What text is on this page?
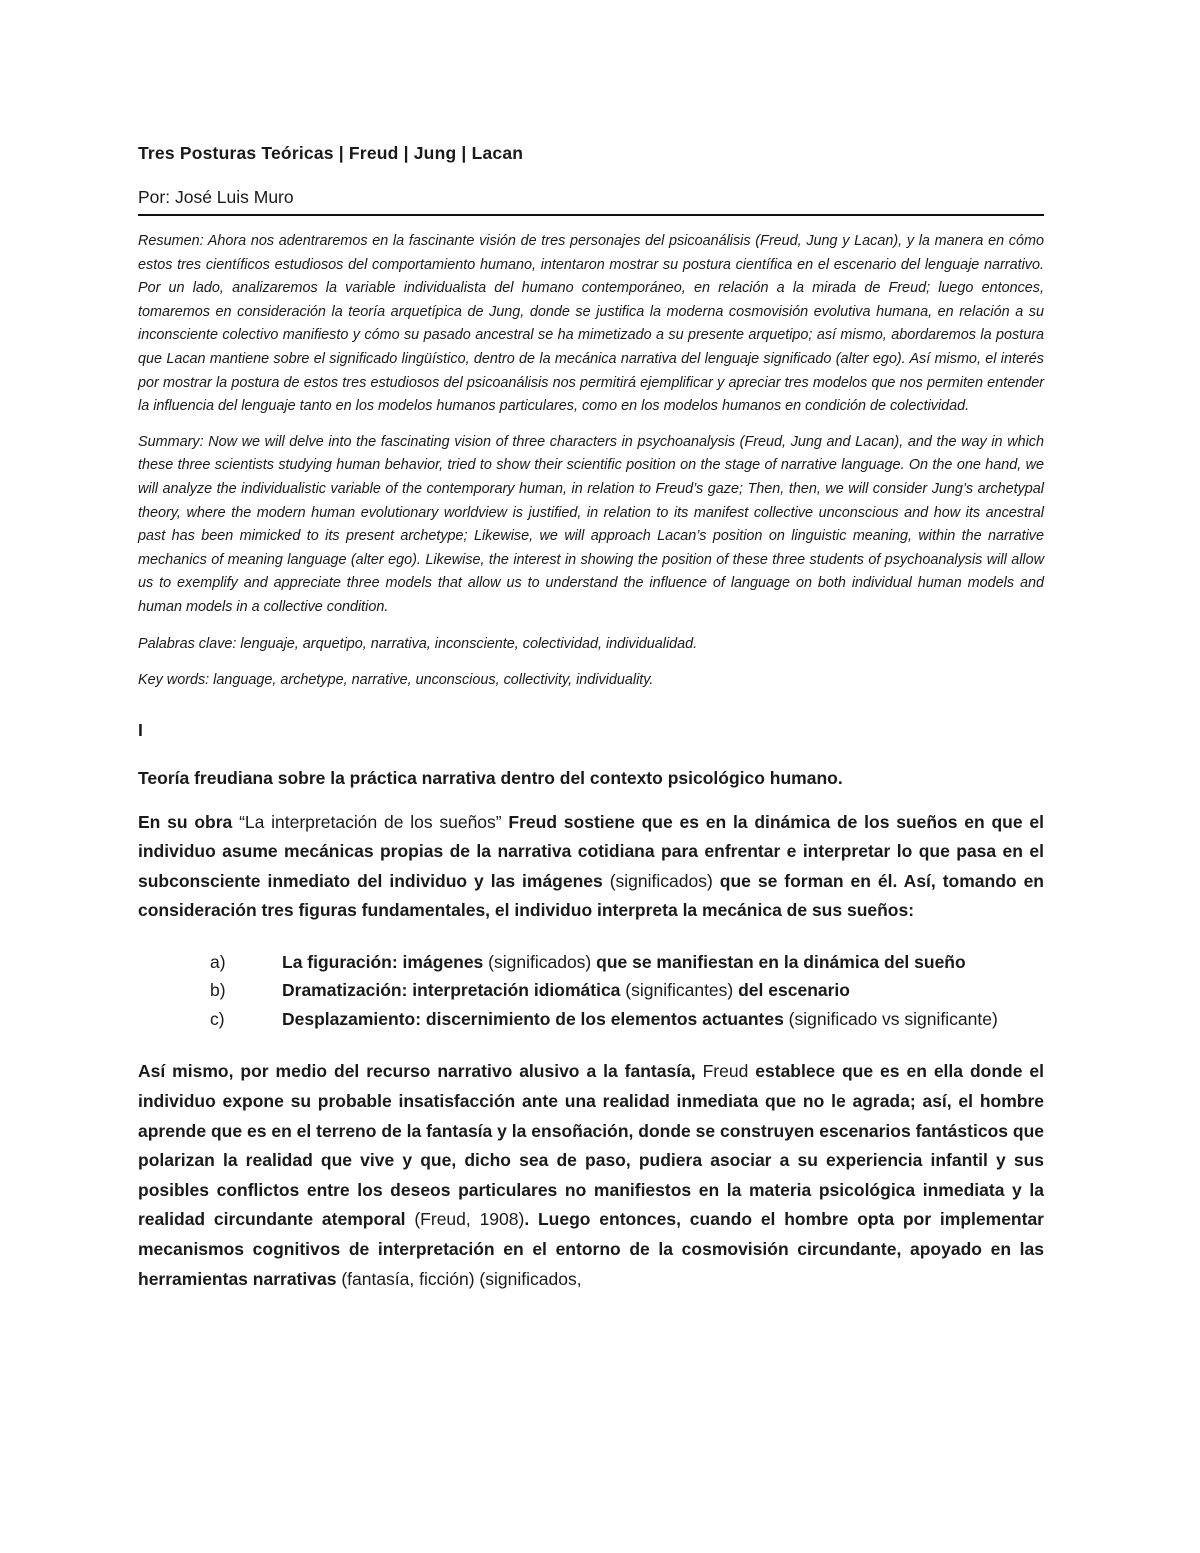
Tres Posturas Teóricas | Freud | Jung | Lacan

Por: José Luis Muro

Resumen: Ahora nos adentraremos en la fascinante visión de tres personajes del psicoanálisis (Freud, Jung y Lacan), y la manera en cómo estos tres científicos estudiosos del comportamiento humano, intentaron mostrar su postura científica en el escenario del lenguaje narrativo. Por un lado, analizaremos la variable individualista del humano contemporáneo, en relación a la mirada de Freud; luego entonces, tomaremos en consideración la teoría arquetípica de Jung, donde se justifica la moderna cosmovisión evolutiva humana, en relación a su inconsciente colectivo manifiesto y cómo su pasado ancestral se ha mimetizado a su presente arquetipo; así mismo, abordaremos la postura que Lacan mantiene sobre el significado lingüístico, dentro de la mecánica narrativa del lenguaje significado (alter ego). Así mismo, el interés por mostrar la postura de estos tres estudiosos del psicoanálisis nos permitirá ejemplificar y apreciar tres modelos que nos permiten entender la influencia del lenguaje tanto en los modelos humanos particulares, como en los modelos humanos en condición de colectividad.

Summary: Now we will delve into the fascinating vision of three characters in psychoanalysis (Freud, Jung and Lacan), and the way in which these three scientists studying human behavior, tried to show their scientific position on the stage of narrative language. On the one hand, we will analyze the individualistic variable of the contemporary human, in relation to Freud’s gaze; Then, then, we will consider Jung’s archetypal theory, where the modern human evolutionary worldview is justified, in relation to its manifest collective unconscious and how its ancestral past has been mimicked to its present archetype; Likewise, we will approach Lacan’s position on linguistic meaning, within the narrative mechanics of meaning language (alter ego). Likewise, the interest in showing the position of these three students of psychoanalysis will allow us to exemplify and appreciate three models that allow us to understand the influence of language on both individual human models and human models in a collective condition.

Palabras clave: lenguaje, arquetipo, narrativa, inconsciente, colectividad, individualidad.

Key words: language, archetype, narrative, unconscious, collectivity, individuality.

I

Teoría freudiana sobre la práctica narrativa dentro del contexto psicológico humano.

En su obra “La interpretación de los sueños” Freud sostiene que es en la dinámica de los sueños en que el individuo asume mecánicas propias de la narrativa cotidiana para enfrentar e interpretar lo que pasa en el subconsciente inmediato del individuo y las imágenes (significados) que se forman en él. Así, tomando en consideración tres figuras fundamentales, el individuo interpreta la mecánica de sus sueños:

a)	La figuración: imágenes (significados) que se manifiestan en la dinámica del sueño
b)	Dramatización: interpretación idiomática (significantes) del escenario
c)	Desplazamiento: discernimiento de los elementos actuantes (significado vs significante)

Así mismo, por medio del recurso narrativo alusivo a la fantasía, Freud establece que es en ella donde el individuo expone su probable insatisfacción ante una realidad inmediata que no le agrada; así, el hombre aprende que es en el terreno de la fantasía y la ensoñación, donde se construyen escenarios fantásticos que polarizan la realidad que vive y que, dicho sea de paso, pudiera asociar a su experiencia infantil y sus posibles conflictos entre los deseos particulares no manifiestos en la materia psicológica inmediata y la realidad circundante atemporal (Freud, 1908). Luego entonces, cuando el hombre opta por implementar mecanismos cognitivos de interpretación en el entorno de la cosmovisión circundante, apoyado en las herramientas narrativas (fantasía, ficción) (significados,
